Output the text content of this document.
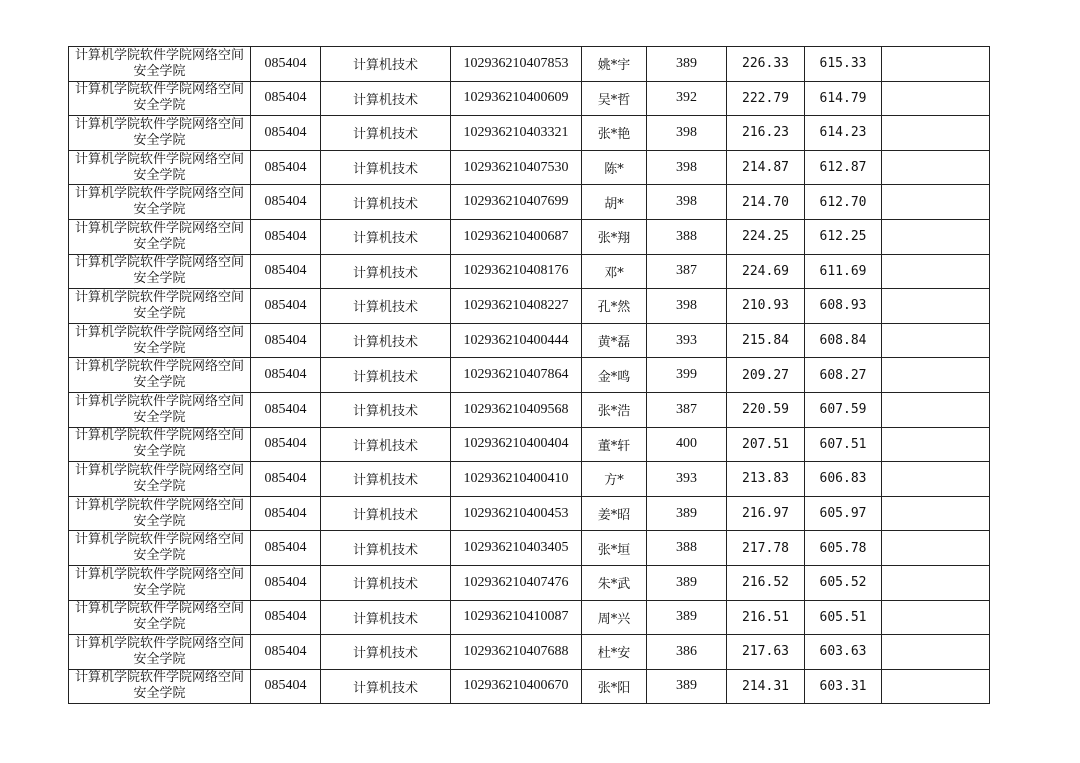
计算机学院软件学院网络空间安全学院	085404	计算机技术	102936210407853	姚*宇	389	226.33	615.33	
计算机学院软件学院网络空间安全学院	085404	计算机技术	102936210400609	吴*哲	392	222.79	614.79	
计算机学院软件学院网络空间安全学院	085404	计算机技术	102936210403321	张*艳	398	216.23	614.23	
计算机学院软件学院网络空间安全学院	085404	计算机技术	102936210407530	陈*	398	214.87	612.87	
计算机学院软件学院网络空间安全学院	085404	计算机技术	102936210407699	胡*	398	214.70	612.70	
计算机学院软件学院网络空间安全学院	085404	计算机技术	102936210400687	张*翔	388	224.25	612.25	
计算机学院软件学院网络空间安全学院	085404	计算机技术	102936210408176	邓*	387	224.69	611.69	
计算机学院软件学院网络空间安全学院	085404	计算机技术	102936210408227	孔*然	398	210.93	608.93	
计算机学院软件学院网络空间安全学院	085404	计算机技术	102936210400444	黄*磊	393	215.84	608.84	
计算机学院软件学院网络空间安全学院	085404	计算机技术	102936210407864	金*鸣	399	209.27	608.27	
计算机学院软件学院网络空间安全学院	085404	计算机技术	102936210409568	张*浩	387	220.59	607.59	
计算机学院软件学院网络空间安全学院	085404	计算机技术	102936210400404	董*轩	400	207.51	607.51	
计算机学院软件学院网络空间安全学院	085404	计算机技术	102936210400410	方*	393	213.83	606.83	
计算机学院软件学院网络空间安全学院	085404	计算机技术	102936210400453	姜*昭	389	216.97	605.97	
计算机学院软件学院网络空间安全学院	085404	计算机技术	102936210403405	张*垣	388	217.78	605.78	
计算机学院软件学院网络空间安全学院	085404	计算机技术	102936210407476	朱*武	389	216.52	605.52	
计算机学院软件学院网络空间安全学院	085404	计算机技术	102936210410087	周*兴	389	216.51	605.51	
计算机学院软件学院网络空间安全学院	085404	计算机技术	102936210407688	杜*安	386	217.63	603.63	
计算机学院软件学院网络空间安全学院	085404	计算机技术	102936210400670	张*阳	389	214.31	603.31	
